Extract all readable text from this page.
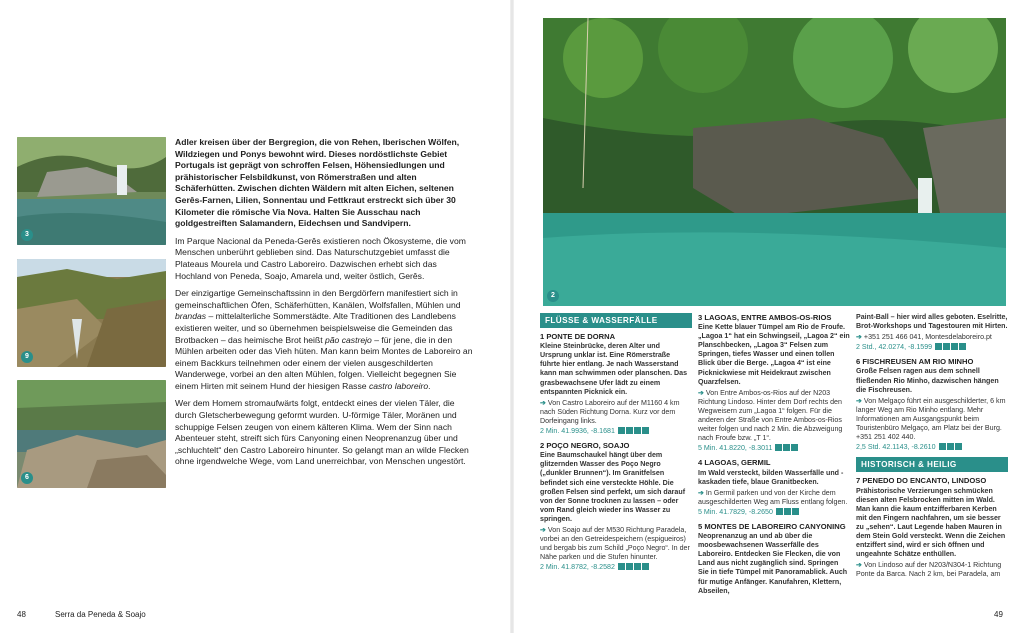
3
9
6

Adler kreisen über der Bergregion, die von Rehen, Iberischen Wölfen, Wildziegen und Ponys bewohnt wird. Dieses nordöstlichste Gebiet Portugals ist geprägt von schroffen Felsen, Höhensiedlungen und prähistorischer Felsbildkunst, von Römerstraßen und alten Schäferhütten. Zwischen dichten Wäldern mit alten Eichen, seltenen Gerês-Farnen, Lilien, Sonnentau und Fettkraut erstreckt sich über 30 Kilometer die römische Via Nova. Halten Sie Ausschau nach goldgestreiften Salamandern, Eidechsen und Sandvipern.

Im Parque Nacional da Peneda-Gerês existieren noch Ökosysteme, die vom Menschen unberührt geblieben sind. Das Naturschutzgebiet umfasst die Plateaus Mourela und Castro Laboreiro. Dazwischen erhebt sich das Hochland von Peneda, Soajo, Amarela und, weiter östlich, Gerês.

Der einzigartige Gemeinschaftssinn in den Bergdörfern manifestiert sich in gemeinschaftlichen Öfen, Schäferhütten, Kanälen, Wolfsfallen, Mühlen und brandas – mittelalterliche Sommerstädte. Alte Traditionen des Landlebens existieren weiter, und so übernehmen beispielsweise die Gemeinden das Brotbacken – das heimische Brot heißt pão castrejo – für jene, die in den Mühlen arbeiten oder das Vieh hüten. Man kann beim Montes de Laboreiro an einem Backkurs teilnehmen oder einem der vielen ausgeschilderten Wanderwege, vorbei an den alten Mühlen, folgen. Vielleicht begegnen Sie einem Hirten mit seinem Hund der hiesigen Rasse castro laboreiro.

Wer dem Homem stromaufwärts folgt, entdeckt eines der vielen Täler, die durch Gletscherbewegung geformt wurden. U-förmige Täler, Moränen und schuppige Felsen zeugen von einem kälteren Klima. Wem der Sinn nach Abenteuer steht, streift sich fürs Canyoning einen Neoprenanzug über und „schluchtelt“ den Castro Laboreiro hinunter. So gelangt man an wilde Flecken ohne irgendwelche Wege, vom Land unerreichbar, von Menschen ungestört.

48	Serra da Peneda & Soajo
2
FLÜSSE & WASSERFÄLLE
1 PONTE DE DORNA
Kleine Steinbrücke, deren Alter und Ursprung unklar ist. Eine Römerstraße führte hier entlang. Je nach Wasserstand kann man schwimmen oder planschen. Das grasbewachsene Ufer lädt zu einem entspannten Picknick ein.
➔ Von Castro Laboreiro auf der M1160 4 km nach Süden Richtung Dorna. Kurz vor dem Dorfeingang links.
2 Min. 41.9936, -8.1681
2 POÇO NEGRO, SOAJO
Eine Baumschaukel hängt über dem glitzernden Wasser des Poço Negro („dunkler Brunnen“). Im Granitfelsen befindet sich eine versteckte Höhle. Die großen Felsen sind perfekt, um sich darauf von der Sonne trocknen zu lassen – oder vom Rand gleich wieder ins Wasser zu springen.
➔ Von Soajo auf der M530 Richtung Paradela, vorbei an den Getreidespeichern (espigueiros) und bergab bis zum Schild „Poço Negro“. In der Nähe parken und die Stufen hinunter.
2 Min. 41.8782, -8.2582
3 LAGOAS, ENTRE AMBOS-OS-RIOS
Eine Kette blauer Tümpel am Rio de Froufe. „Lagoa 1“ hat ein Schwingseil, „Lagoa 2“ ein Planschbecken, „Lagoa 3“ Felsen zum Springen, tiefes Wasser und einen tollen Blick über die Berge. „Lagoa 4“ ist eine Picknickwiese mit Heidekraut zwischen Quarzfelsen.
➔ Von Entre Ambos-os-Rios auf der N203 Richtung Lindoso. Hinter dem Dorf rechts den Wegweisern zum „Lagoa 1“ folgen. Für die anderen der Straße von Entre Ambos-os-Rios weiter folgen und nach 2 Min. die Abzweigung nach Froufe bzw. „T 1“.
5 Min. 41.8220, -8.3011
4 LAGOAS, GERMIL
Im Wald versteckt, bilden Wasserfälle und -kaskaden tiefe, blaue Granitbecken.
➔ In Germil parken und von der Kirche dem ausgeschilderten Weg am Fluss entlang folgen.
5 Min. 41.7829, -8.2650
5 MONTES DE LABOREIRO CANYONING
Neoprenanzug an und ab über die moosbewachsenen Wasserfälle des Laboreiro. Entdecken Sie Flecken, die von Land aus nicht zugänglich sind. Springen Sie in tiefe Tümpel mit Panoramablick. Auch für mutige Anfänger. Kanufahren, Klettern, Abseilen,
Paint-Ball – hier wird alles geboten. Eselritte, Brot-Workshops und Tagestouren mit Hirten.
➔ +351 251 466 041, Montesdelaboreiro.pt
2 Std., 42.0274, -8.1599
6 FISCHREUSEN AM RIO MINHO
Große Felsen ragen aus dem schnell fließenden Rio Minho, dazwischen hängen die Fischreusen.
➔ Von Melgaço führt ein ausgeschilderter, 6 km langer Weg am Rio Minho entlang. Mehr Informationen am Ausgangspunkt beim Touristenbüro Melgaço, am Platz bei der Burg. +351 251 402 440.
2,5 Std. 42.1143, -8.2610
HISTORISCH & HEILIG
7 PENEDO DO ENCANTO, LINDOSO
Prähistorische Verzierungen schmücken diesen alten Felsbrocken mitten im Wald. Man kann die kaum entzifferbaren Kerben mit den Fingern nachfahren, um sie besser zu „sehen“. Laut Legende haben Mauren in dem Stein Gold versteckt. Wenn die Zeichen entziffert sind, wird er sich öffnen und ungeahnte Schätze enthüllen.
➔ Von Lindoso auf der N203/N304-1 Richtung Ponte da Barca. Nach 2 km, bei Paradela, am
49
